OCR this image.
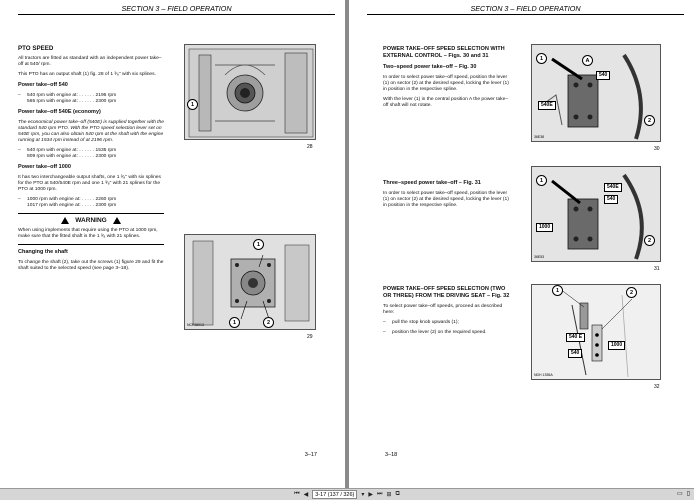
SECTION 3 – FIELD OPERATION
PTO SPEED

All tractors are fitted as standard with an independent power take–off at 540/ rpm.

This PTO has an output shaft (1) fig. 28 of 1 ³⁄₈" with six splines.

Power take–off 540
– 540 rpm with engine at: . . . . . . 2196 rpm
565 rpm with engine at: . . . . . . 2300 rpm
Power take–off 540E (economy)

The economical power take–off (540E) is supplied together with the standard 540 rpm PTO. With the PTO speed selection lever set on 540E rpm, you can also obtain 540 rpm at the shaft with the engine running at 1534 rpm instead of at 2196 rpm.

– 540 rpm with engine at: . . . . . . 1535 rpm
809 rpm with engine at: . . . . . . 2300 rpm
Power take–off 1000

It has two interchangeable output shafts, one 1 ³⁄₈" with six splines for the PTO at 540/540E rpm and one 1 ³⁄₈" with 21 splines for the PTO at 1000 rpm.

– 1000 rpm with engine at: . . . . . 2260 rpm
1017 rpm with engine at: . . . . . 2300 rpm
WARNING

When using implements that require using the PTO at 1000 rpm, make sure that the fitted shaft is the 1 ³⁄₈ with 21 splines.

Changing the shaft

To change the shaft (2), take out the screws (1) figure 29 and fit the shaft suited to the selected speed (see page 3–18).

1
28
1
1	2
NCF08013
29
3–17
SECTION 3 – FIELD OPERATION
POWER TAKE–OFF SPEED SELECTION WITH EXTERNAL CONTROL – Figs. 30 and 31
Two–speed power take–off – Fig. 30

In order to select power take–off speed, position the lever (1) on sector (2) at the desired speed, locking the lever (1) in position in the respective spline.

With the lever (1) in the central position A the power take–off shaft will not rotate.

Three–speed power take–off – Fig. 31

In order to select power take–off speed, position the lever (1) on sector (2) at the desired speed, locking the lever (1) in position in the respective spline.

POWER TAKE–OFF SPEED SELECTION (TWO OR THREE) FROM THE DRIVING SEAT – Fig. 32

To select power take–off speeds, proceed as described here:

– pull the stop knob upwards (1);
– position the lever (2) on the required speed.
1	A
2
540
540E
36E38
30
1
2
540E
540
1000
36E53
31
1	2
540 E
540
1000
NDH 1355A
32
3–18
⏮ ◀	3-17 (137 / 326)	▾ ▶ ⏭ ⊞ ⧉	▭ ▯
